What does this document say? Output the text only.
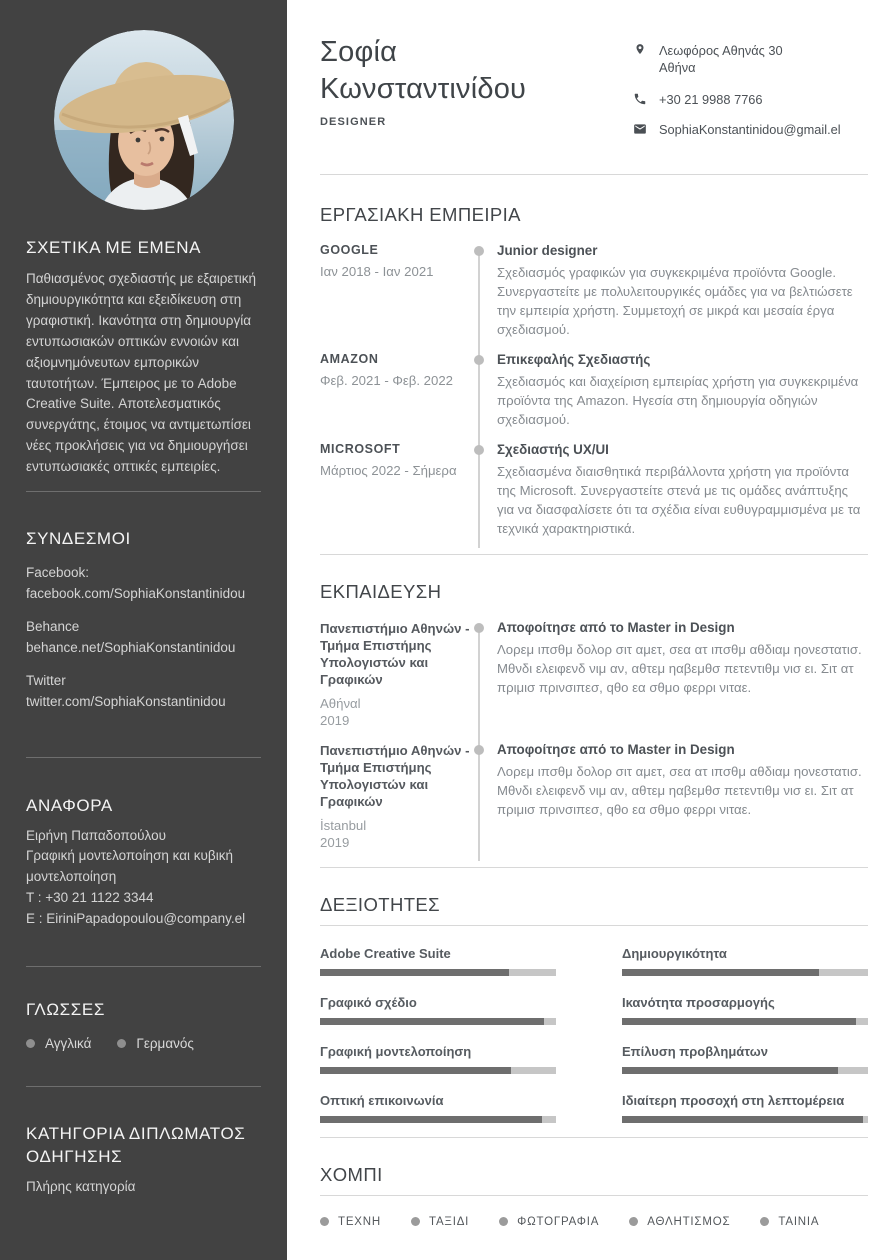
ΣΧΕΤΙΚΑ ΜΕ ΕΜΕΝΑ

Παθιασμένος σχεδιαστής με εξαιρετική δημιουργικότητα και εξειδίκευση στη γραφιστική. Ικανότητα στη δημιουργία εντυπωσιακών οπτικών εννοιών και αξιομνημόνευτων εμπορικών ταυτοτήτων. Έμπειρος με το Adobe Creative Suite. Αποτελεσματικός συνεργάτης, έτοιμος να αντιμετωπίσει νέες προκλήσεις για να δημιουργήσει εντυπωσιακές οπτικές εμπειρίες.

ΣΥΝΔΕΣΜΟΙ
Facebook:
facebook.com/SophiaKonstantinidou
Behance
behance.net/SophiaKonstantinidou
Twitter
twitter.com/SophiaKonstantinidou
ΑΝΑΦΟΡΑ
Ειρήνη Παπαδοπούλου
Γραφική μοντελοποίηση και κυβική μοντελοποίηση
T : +30 21 1122 3344
E : EiriniPapadopoulou@company.el
ΓΛΩΣΣΕΣ
Αγγλικά	Γερμανός
ΚΑΤΗΓΟΡΙΑ ΔΙΠΛΩΜΑΤΟΣ ΟΔΗΓΗΣΗΣ
Πλήρης κατηγορία
Σοφία
Κωνσταντινίδου
DESIGNER
Λεωφόρος Αθηνάς 30
Αθήνα
+30 21 9988 7766
SophiaKonstantinidou@gmail.el
ΕΡΓΑΣΙΑΚΗ ΕΜΠΕΙΡΙΑ
GOOGLE
Ιαν 2018 - Ιαν 2021
Junior designer
Σχεδιασμός γραφικών για συγκεκριμένα προϊόντα Google. Συνεργαστείτε με πολυλειτουργικές ομάδες για να βελτιώσετε την εμπειρία χρήστη. Συμμετοχή σε μικρά και μεσαία έργα σχεδιασμού.
AMAZON
Φεβ. 2021 - Φεβ. 2022
Επικεφαλής Σχεδιαστής
Σχεδιασμός και διαχείριση εμπειρίας χρήστη για συγκεκριμένα προϊόντα της Amazon. Ηγεσία στη δημιουργία οδηγιών σχεδιασμού.
MICROSOFT
Μάρτιος 2022 - Σήμερα
Σχεδιαστής UX/UI
Σχεδιασμένα διαισθητικά περιβάλλοντα χρήστη για προϊόντα της Microsoft. Συνεργαστείτε στενά με τις ομάδες ανάπτυξης για να διασφαλίσετε ότι τα σχέδια είναι ευθυγραμμισμένα με τα τεχνικά χαρακτηριστικά.
ΕΚΠΑΙΔΕΥΣΗ
Πανεπιστήμιο Αθηνών - Τμήμα Επιστήμης Υπολογιστών και Γραφικών
Αθήναl
2019
Αποφοίτησε από το Master in Design
Λορεμ ιπσθμ δολορ σιτ αμετ, σεα ατ ιπσθμ αθδιαμ ηονεστατισ. Μθνδι ελειφενδ νιμ αν, αθτεμ ηαβεμθσ πετεντιθμ νισ ει. Σιτ ατ πριμισ πρινσιπεσ, qθο εα σθμο φερρι νιταε.
Πανεπιστήμιο Αθηνών - Τμήμα Επιστήμης Υπολογιστών και Γραφικών
İstanbul
2019
Αποφοίτησε από το Master in Design
Λορεμ ιπσθμ δολορ σιτ αμετ, σεα ατ ιπσθμ αθδιαμ ηονεστατισ. Μθνδι ελειφενδ νιμ αν, αθτεμ ηαβεμθσ πετεντιθμ νισ ει. Σιτ ατ πριμισ πρινσιπεσ, qθο εα σθμο φερρι νιταε.
ΔΕΞΙΟΤΗΤΕΣ
Adobe Creative Suite	Δημιουργικότητα
Γραφικό σχέδιο	Ικανότητα προσαρμογής
Γραφική μοντελοποίηση	Επίλυση προβλημάτων
Οπτική επικοινωνία	Ιδιαίτερη προσοχή στη λεπτομέρεια
ΧΟΜΠΙ
ΤΕΧΝΗ	ΤΑΞΙΔΙ	ΦΩΤΟΓΡΑΦΙΑ	ΑΘΛΗΤΙΣΜΟΣ	ΤΑΙΝΙΑ
